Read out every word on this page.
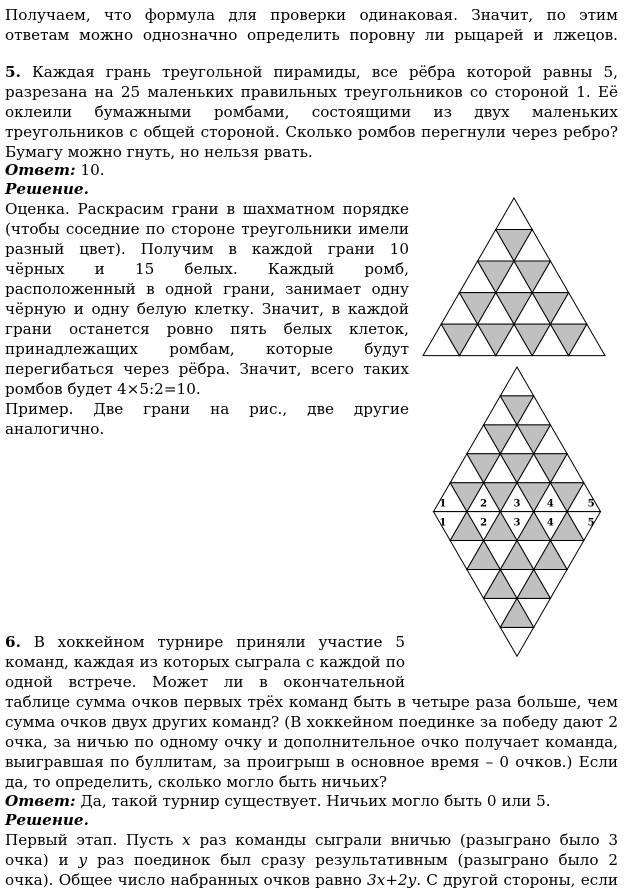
Получаем, что формула для проверки одинаковая. Значит, по этим
ответам можно однозначно определить поровну ли рыцарей и лжецов.
5. Каждая грань треугольной пирамиды, все рёбра которой равны 5,
разрезана на 25 маленьких правильных треугольников со стороной 1. Её
оклеили бумажными ромбами, состоящими из двух маленьких
треугольников с общей стороной. Сколько ромбов перегнули через ребро?
Бумагу можно гнуть, но нельзя рвать.
Ответ: 10.
Решение.
Оценка. Раскрасим грани в шахматном порядке
(чтобы соседние по стороне треугольники имели
разный цвет). Получим в каждой грани 10
чёрных и 15 белых. Каждый ромб,
расположенный в одной грани, занимает одну
чёрную и одну белую клетку. Значит, в каждой
грани останется ровно пять белых клеток,
принадлежащих ромбам, которые будут
перегибаться через рёбра. Значит, всего таких
ромбов будет 4×5:2=10.
Пример. Две грани на рис., две другие
аналогично.
1	2	3	4	5
1	2	3	4	5
6. В хоккейном турнире приняли участие 5
команд, каждая из которых сыграла с каждой по
одной встрече. Может ли в окончательной
таблице сумма очков первых трёх команд быть в четыре раза больше, чем
сумма очков двух других команд? (В хоккейном поединке за победу дают 2
очка, за ничью по одному очку и дополнительное очко получает команда,
выигравшая по буллитам, за проигрыш в основное время – 0 очков.) Если
да, то определить, сколько могло быть ничьих?
Ответ: Да, такой турнир существует. Ничьих могло быть 0 или 5.
Решение.
Первый этап. Пусть x раз команды сыграли вничью (разыграно было 3
очка) и y раз поединок был сразу результативным (разыграно было 2
очка). Общее число набранных очков равно 3x+2y. С другой стороны, если
